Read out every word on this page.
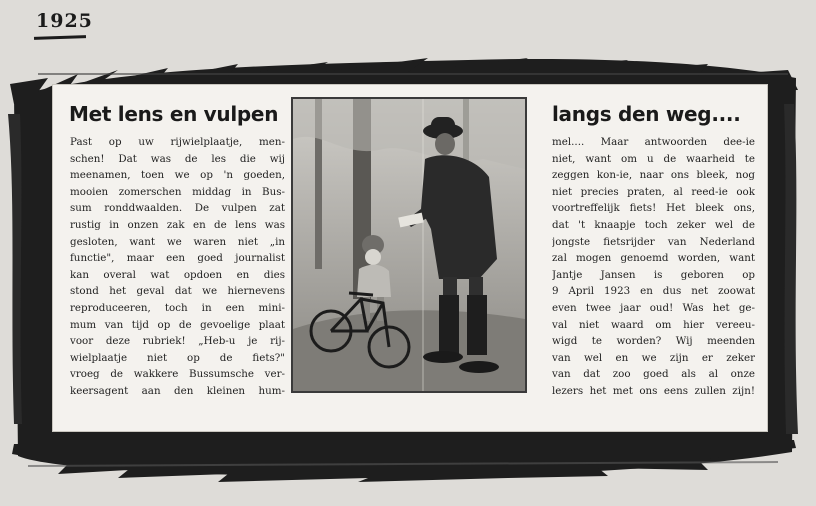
1925
Met lens en vulpen	langs den weg....
Past op uw rijwielplaatje, men-
schen! Dat was de les die wij
meenamen, toen we op 'n goeden,
mooien zomerschen middag in Bus-
sum ronddwaalden. De vulpen zat
rustig in onzen zak en de lens was
gesloten, want we waren niet „in
functie", maar een goed journalist
kan overal wat opdoen en dies
stond het geval dat we hiernevens
reproduceeren, toch in een mini-
mum van tijd op de gevoelige plaat
voor deze rubriek! „Heb-u je rij-
wielplaatje niet op de fiets?"
vroeg de wakkere Bussumsche ver-
keersagent aan den kleinen hum-
mel.... Maar antwoorden dee-ie
niet, want om u de waarheid te
zeggen kon-ie, naar ons bleek, nog
niet precies praten, al reed-ie ook
voortreffelijk fiets! Het bleek ons,
dat 't knaapje toch zeker wel de
jongste fietsrijder van Nederland
zal mogen genoemd worden, want
Jantje Jansen is geboren op
9 April 1923 en dus net zoowat
even twee jaar oud! Was het ge-
val niet waard om hier vereeu-
wigd te worden? Wij meenden
van wel en we zijn er zeker
van dat zoo goed als al onze
lezers het met ons eens zullen zijn!
